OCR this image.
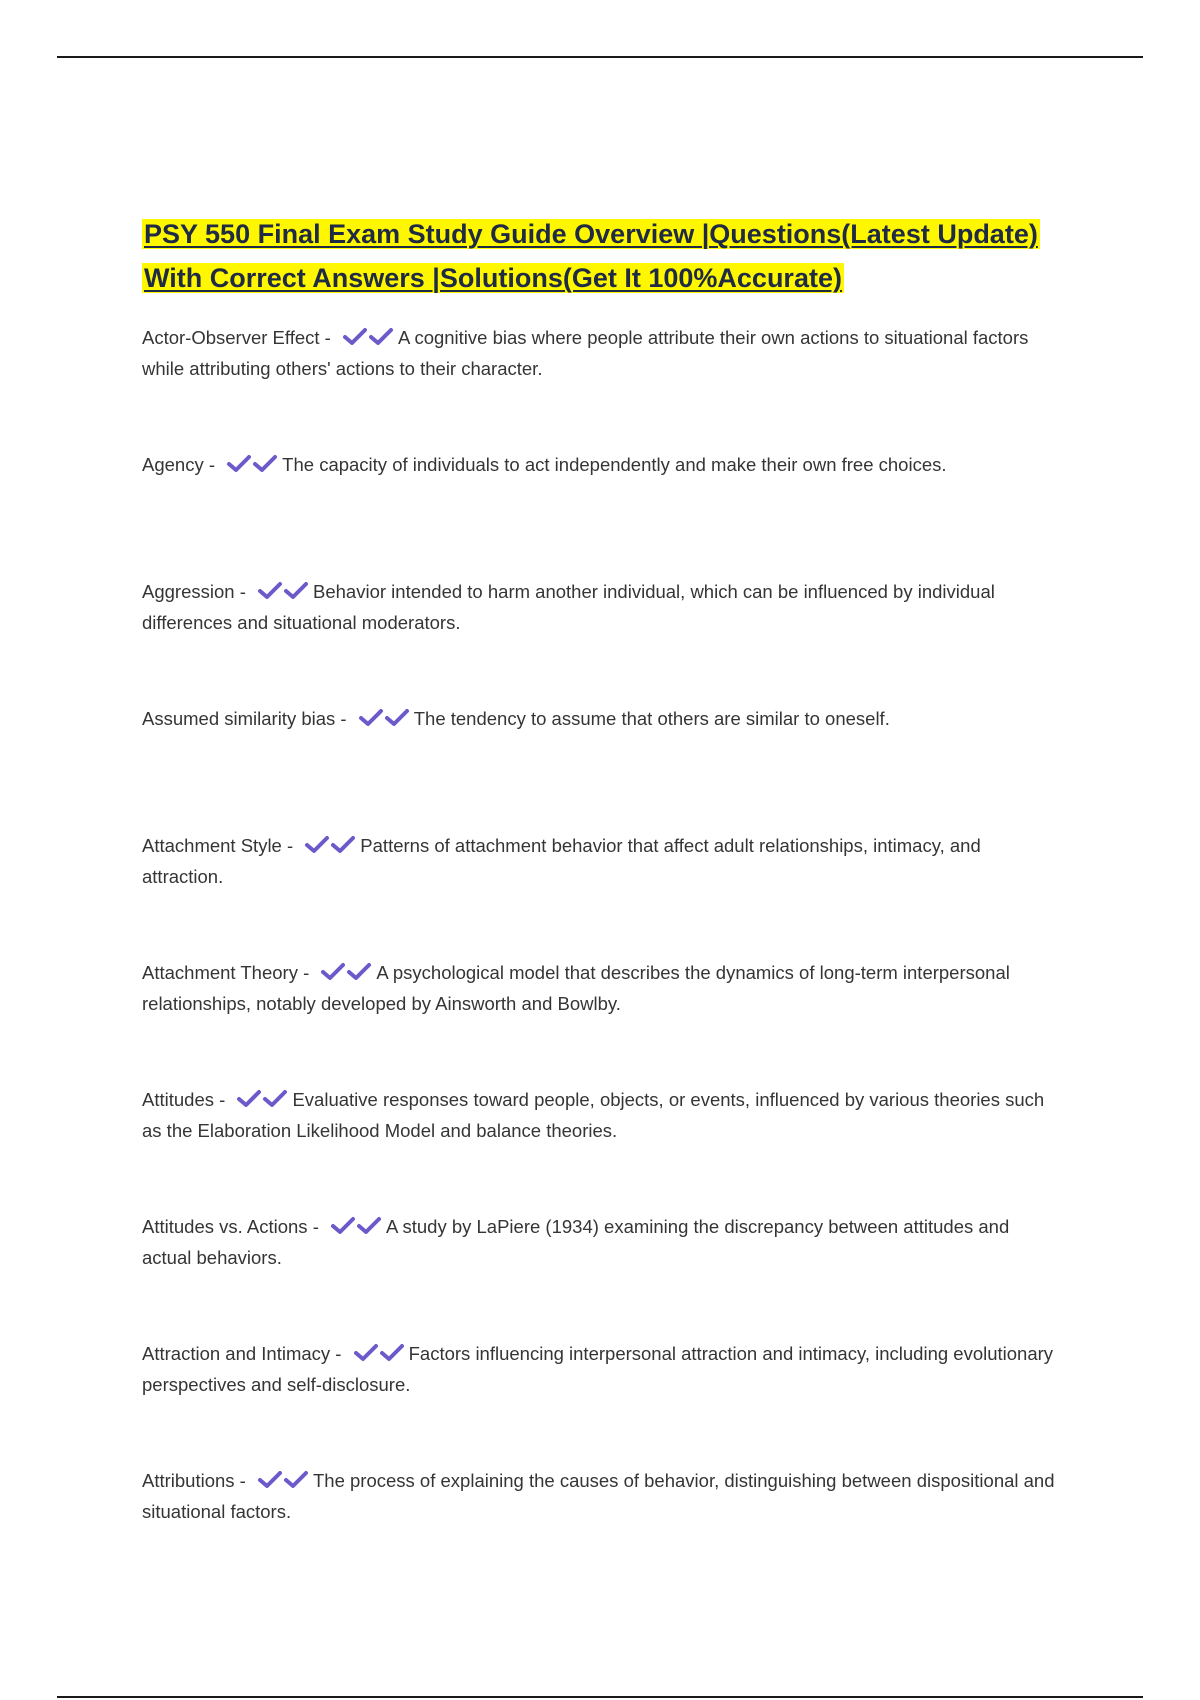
PSY 550 Final Exam Study Guide Overview |Questions(Latest Update)
With Correct Answers |Solutions(Get It 100%Accurate)
Actor-Observer Effect -	A cognitive bias where people attribute their own actions to situational factors while attributing others' actions to their character.
Agency -	The capacity of individuals to act independently and make their own free choices.
Aggression -	Behavior intended to harm another individual, which can be influenced by individual differences and situational moderators.
Assumed similarity bias -	The tendency to assume that others are similar to oneself.
Attachment Style -	Patterns of attachment behavior that affect adult relationships, intimacy, and attraction.
Attachment Theory -	A psychological model that describes the dynamics of long-term interpersonal relationships, notably developed by Ainsworth and Bowlby.
Attitudes -	Evaluative responses toward people, objects, or events, influenced by various theories such as the Elaboration Likelihood Model and balance theories.
Attitudes vs. Actions -	A study by LaPiere (1934) examining the discrepancy between attitudes and actual behaviors.
Attraction and Intimacy -	Factors influencing interpersonal attraction and intimacy, including evolutionary perspectives and self-disclosure.
Attributions -	The process of explaining the causes of behavior, distinguishing between dispositional and situational factors.
